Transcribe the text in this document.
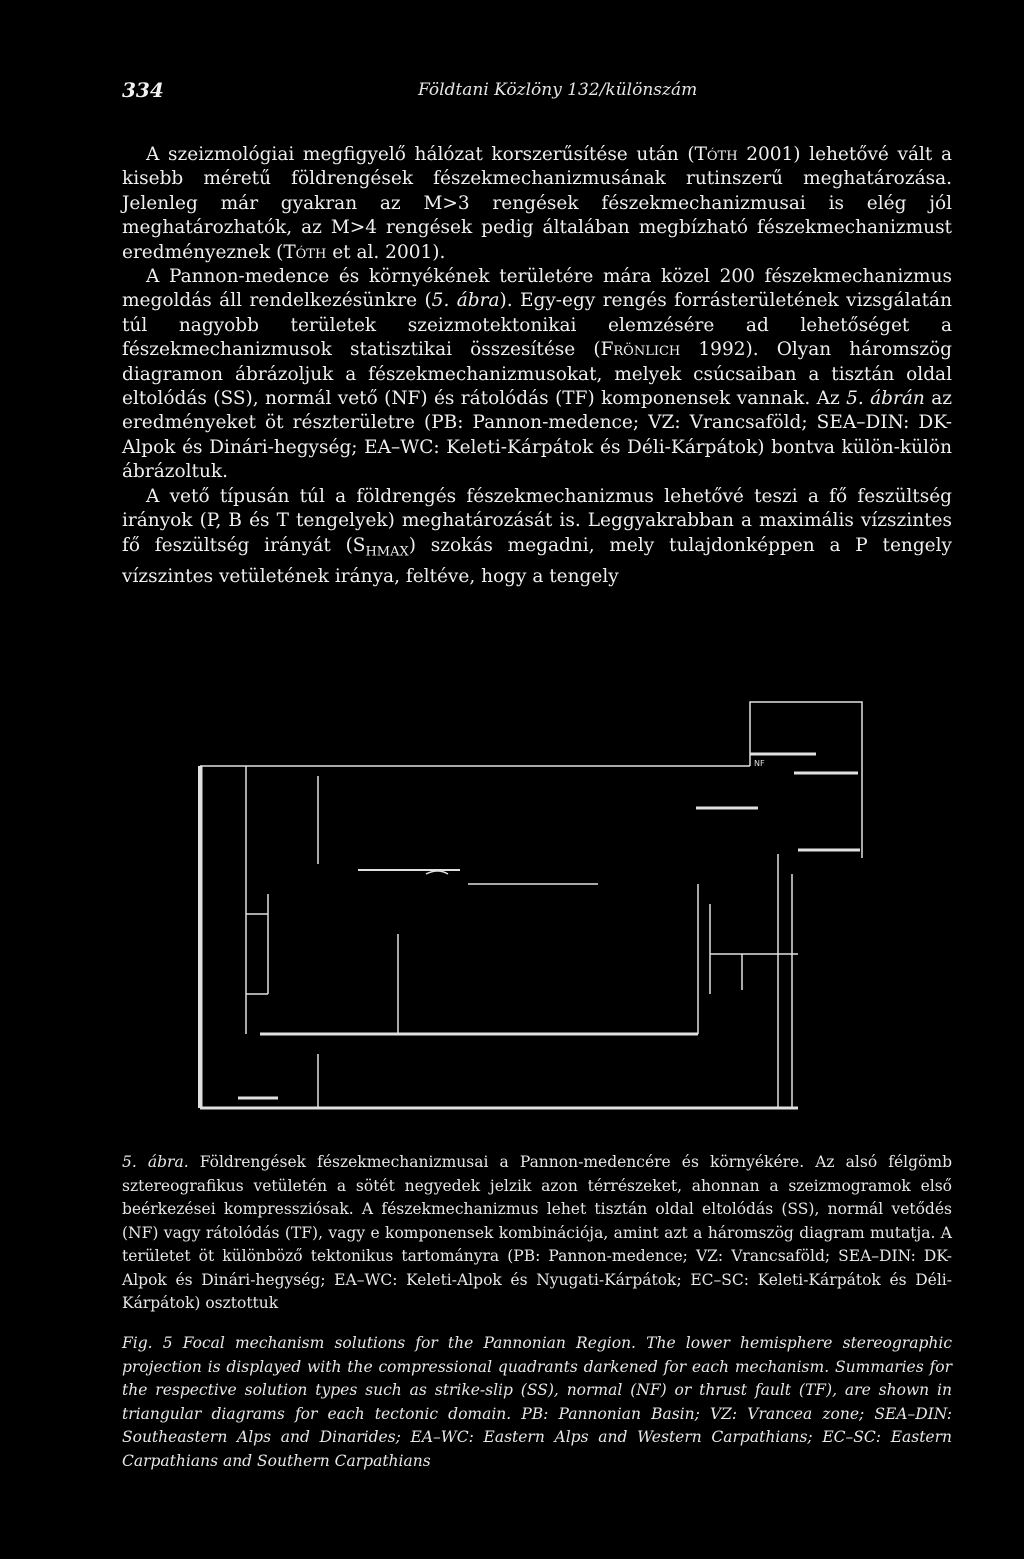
334	Földtani Közlöny 132/különszám

A szeizmológiai megfigyelő hálózat korszerűsítése után (Tóth 2001) lehetővé vált a kisebb méretű földrengések fészekmechanizmusának rutinszerű meghatározása. Jelenleg már gyakran az M>3 rengések fészekmechanizmusai is elég jól meghatározhatók, az M>4 rengések pedig általában megbízható fészekmechanizmust eredményeznek (Tóth et al. 2001).

A Pannon-medence és környékének területére mára közel 200 fészekmechanizmus megoldás áll rendelkezésünkre (5. ábra). Egy-egy rengés forrásterületének vizsgálatán túl nagyobb területek szeizmotektonikai elemzésére ad lehetőséget a fészekmechanizmusok statisztikai összesítése (Frönlich 1992). Olyan háromszög diagramon ábrázoljuk a fészekmechanizmusokat, melyek csúcsaiban a tisztán oldal eltolódás (SS), normál vető (NF) és rátolódás (TF) komponensek vannak. Az 5. ábrán az eredményeket öt részterületre (PB: Pannon-medence; VZ: Vrancsaföld; SEA–DIN: DK-Alpok és Dinári-hegység; EA–WC: Keleti-Kárpátok és Déli-Kárpátok) bontva külön-külön ábrázoltuk.

A vető típusán túl a földrengés fészekmechanizmus lehetővé teszi a fő feszültség irányok (P, B és T tengelyek) meghatározását is. Leggyakrabban a maximális vízszintes fő feszültség irányát $(S_{HMAX})$ szokás megadni, mely tulajdonképpen a P tengely vízszintes vetületének iránya, feltéve, hogy a tengely

NF
5. ábra. Földrengések fészekmechanizmusai a Pannon-medencére és környékére. Az alsó félgömb sztereografikus vetületén a sötét negyedek jelzik azon térrészeket, ahonnan a szeizmogramok első beérkezései kompressziósak. A fészekmechanizmus lehet tisztán oldal eltolódás (SS), normál vetődés (NF) vagy rátolódás (TF), vagy e komponensek kombinációja, amint azt a háromszög diagram mutatja. A területet öt különböző tektonikus tartományra (PB: Pannon-medence; VZ: Vrancsaföld; SEA–DIN: DK-Alpok és Dinári-hegység; EA–WC: Keleti-Alpok és Nyugati-Kárpátok; EC–SC: Keleti-Kárpátok és Déli-Kárpátok) osztottuk
Fig. 5 Focal mechanism solutions for the Pannonian Region. The lower hemisphere stereographic projection is displayed with the compressional quadrants darkened for each mechanism. Summaries for the respective solution types such as strike-slip (SS), normal (NF) or thrust fault (TF), are shown in triangular diagrams for each tectonic domain. PB: Pannonian Basin; VZ: Vrancea zone; SEA–DIN: Southeastern Alps and Dinarides; EA–WC: Eastern Alps and Western Carpathians; EC–SC: Eastern Carpathians and Southern Carpathians
